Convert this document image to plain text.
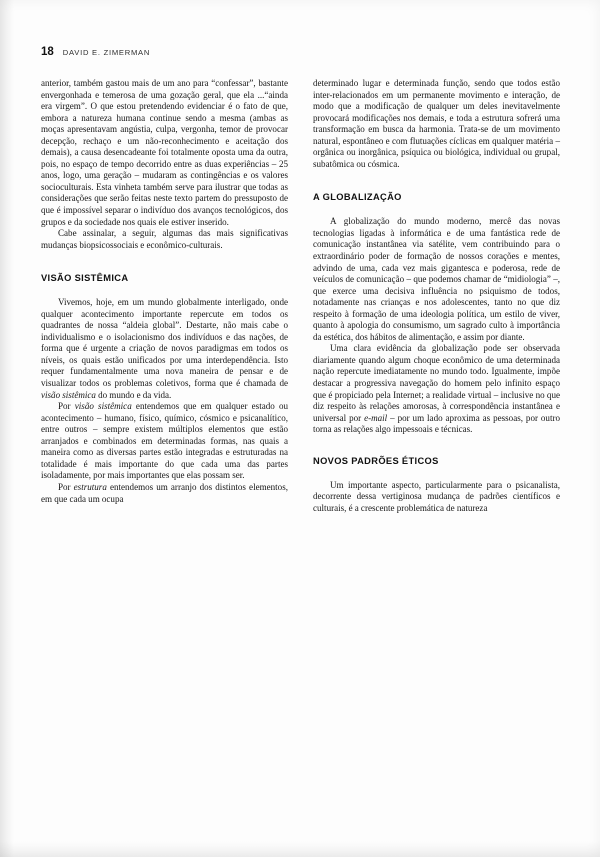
18 DAVID E. ZIMERMAN

anterior, também gastou mais de um ano para “confessar”, bastante envergonhada e temerosa de uma gozação geral, que ela ...“ainda era virgem”. O que estou pretendendo evidenciar é o fato de que, embora a natureza humana continue sendo a mesma (ambas as moças apresentavam angústia, culpa, vergonha, temor de provocar decepção, rechaço e um não-reconhecimento e aceitação dos demais), a causa desencadeante foi totalmente oposta uma da outra, pois, no espaço de tempo decorrido entre as duas experiências – 25 anos, logo, uma geração – mudaram as contingências e os valores socioculturais. Esta vinheta também serve para ilustrar que todas as considerações que serão feitas neste texto partem do pressuposto de que é impossível separar o indivíduo dos avanços tecnológicos, dos grupos e da sociedade nos quais ele estiver inserido.

Cabe assinalar, a seguir, algumas das mais significativas mudanças biopsicossociais e econômico-culturais.

VISÃO SISTÊMICA

Vivemos, hoje, em um mundo globalmente interligado, onde qualquer acontecimento importante repercute em todos os quadrantes de nossa “aldeia global”. Destarte, não mais cabe o individualismo e o isolacionismo dos indivíduos e das nações, de forma que é urgente a criação de novos paradigmas em todos os níveis, os quais estão unificados por uma interdependência. Isto requer fundamentalmente uma nova maneira de pensar e de visualizar todos os problemas coletivos, forma que é chamada de visão sistêmica do mundo e da vida.

Por visão sistêmica entendemos que em qualquer estado ou acontecimento – humano, físico, químico, cósmico e psicanalítico, entre outros – sempre existem múltiplos elementos que estão arranjados e combinados em determinadas formas, nas quais a maneira como as diversas partes estão integradas e estruturadas na totalidade é mais importante do que cada uma das partes isoladamente, por mais importantes que elas possam ser.

Por estrutura entendemos um arranjo dos distintos elementos, em que cada um ocupa

determinado lugar e determinada função, sendo que todos estão inter-relacionados em um permanente movimento e interação, de modo que a modificação de qualquer um deles inevitavelmente provocará modificações nos demais, e toda a estrutura sofrerá uma transformação em busca da harmonia. Trata-se de um movimento natural, espontâneo e com flutuações cíclicas em qualquer matéria – orgânica ou inorgânica, psíquica ou biológica, individual ou grupal, subatômica ou cósmica.

A GLOBALIZAÇÃO

A globalização do mundo moderno, mercê das novas tecnologias ligadas à informática e de uma fantástica rede de comunicação instantânea via satélite, vem contribuindo para o extraordinário poder de formação de nossos corações e mentes, advindo de uma, cada vez mais gigantesca e poderosa, rede de veículos de comunicação – que podemos chamar de “midiologia” –, que exerce uma decisiva influência no psiquismo de todos, notadamente nas crianças e nos adolescentes, tanto no que diz respeito à formação de uma ideologia política, um estilo de viver, quanto à apologia do consumismo, um sagrado culto à importância da estética, dos hábitos de alimentação, e assim por diante.

Uma clara evidência da globalização pode ser observada diariamente quando algum choque econômico de uma determinada nação repercute imediatamente no mundo todo. Igualmente, impõe destacar a progressiva navegação do homem pelo infinito espaço que é propiciado pela Internet; a realidade virtual – inclusive no que diz respeito às relações amorosas, à correspondência instantânea e universal por e-mail – por um lado aproxima as pessoas, por outro torna as relações algo impessoais e técnicas.

NOVOS PADRÕES ÉTICOS

Um importante aspecto, particularmente para o psicanalista, decorrente dessa vertiginosa mudança de padrões científicos e culturais, é a crescente problemática de natureza
